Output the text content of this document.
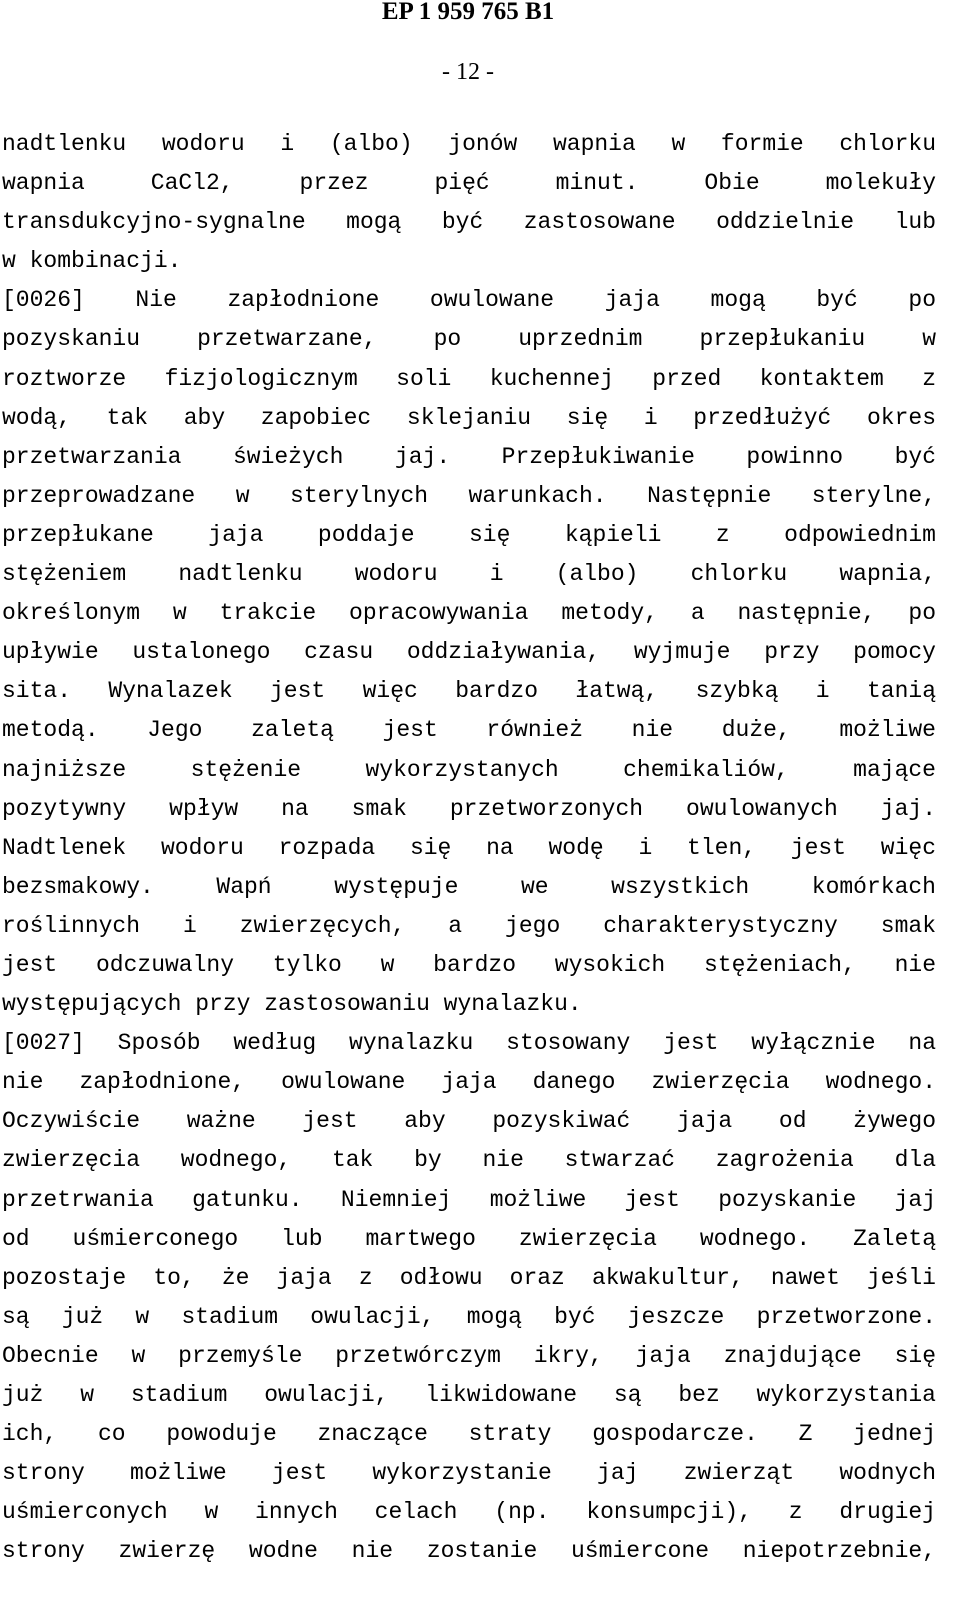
EP 1 959 765 B1
- 12 -
nadtlenku wodoru i (albo) jonów wapnia w formie chlorku
wapnia CaCl2, przez pięć minut. Obie molekuły
transdukcyjno-sygnalne mogą być zastosowane oddzielnie lub
w kombinacji.
[0026] Nie zapłodnione owulowane jaja mogą być po
pozyskaniu przetwarzane, po uprzednim przepłukaniu w
roztworze fizjologicznym soli kuchennej przed kontaktem z
wodą, tak aby zapobiec sklejaniu się i przedłużyć okres
przetwarzania świeżych jaj. Przepłukiwanie powinno być
przeprowadzane w sterylnych warunkach. Następnie sterylne,
przepłukane jaja poddaje się kąpieli z odpowiednim
stężeniem nadtlenku wodoru i (albo) chlorku wapnia,
określonym w trakcie opracowywania metody, a następnie, po
upływie ustalonego czasu oddziaływania, wyjmuje przy pomocy
sita. Wynalazek jest więc bardzo łatwą, szybką i tanią
metodą. Jego zaletą jest również nie duże, możliwe
najniższe stężenie wykorzystanych chemikaliów, mające
pozytywny wpływ na smak przetworzonych owulowanych jaj.
Nadtlenek wodoru rozpada się na wodę i tlen, jest więc
bezsmakowy. Wapń występuje we wszystkich komórkach
roślinnych i zwierzęcych, a jego charakterystyczny smak
jest odczuwalny tylko w bardzo wysokich stężeniach, nie
występujących przy zastosowaniu wynalazku.
[0027] Sposób według wynalazku stosowany jest wyłącznie na
nie zapłodnione, owulowane jaja danego zwierzęcia wodnego.
Oczywiście ważne jest aby pozyskiwać jaja od żywego
zwierzęcia wodnego, tak by nie stwarzać zagrożenia dla
przetrwania gatunku. Niemniej możliwe jest pozyskanie jaj
od uśmierconego lub martwego zwierzęcia wodnego. Zaletą
pozostaje to, że jaja z odłowu oraz akwakultur, nawet jeśli
są już w stadium owulacji, mogą być jeszcze przetworzone.
Obecnie w przemyśle przetwórczym ikry, jaja znajdujące się
już w stadium owulacji, likwidowane są bez wykorzystania
ich, co powoduje znaczące straty gospodarcze. Z jednej
strony możliwe jest wykorzystanie jaj zwierząt wodnych
uśmierconych w innych celach (np. konsumpcji), z drugiej
strony zwierzę wodne nie zostanie uśmiercone niepotrzebnie,
